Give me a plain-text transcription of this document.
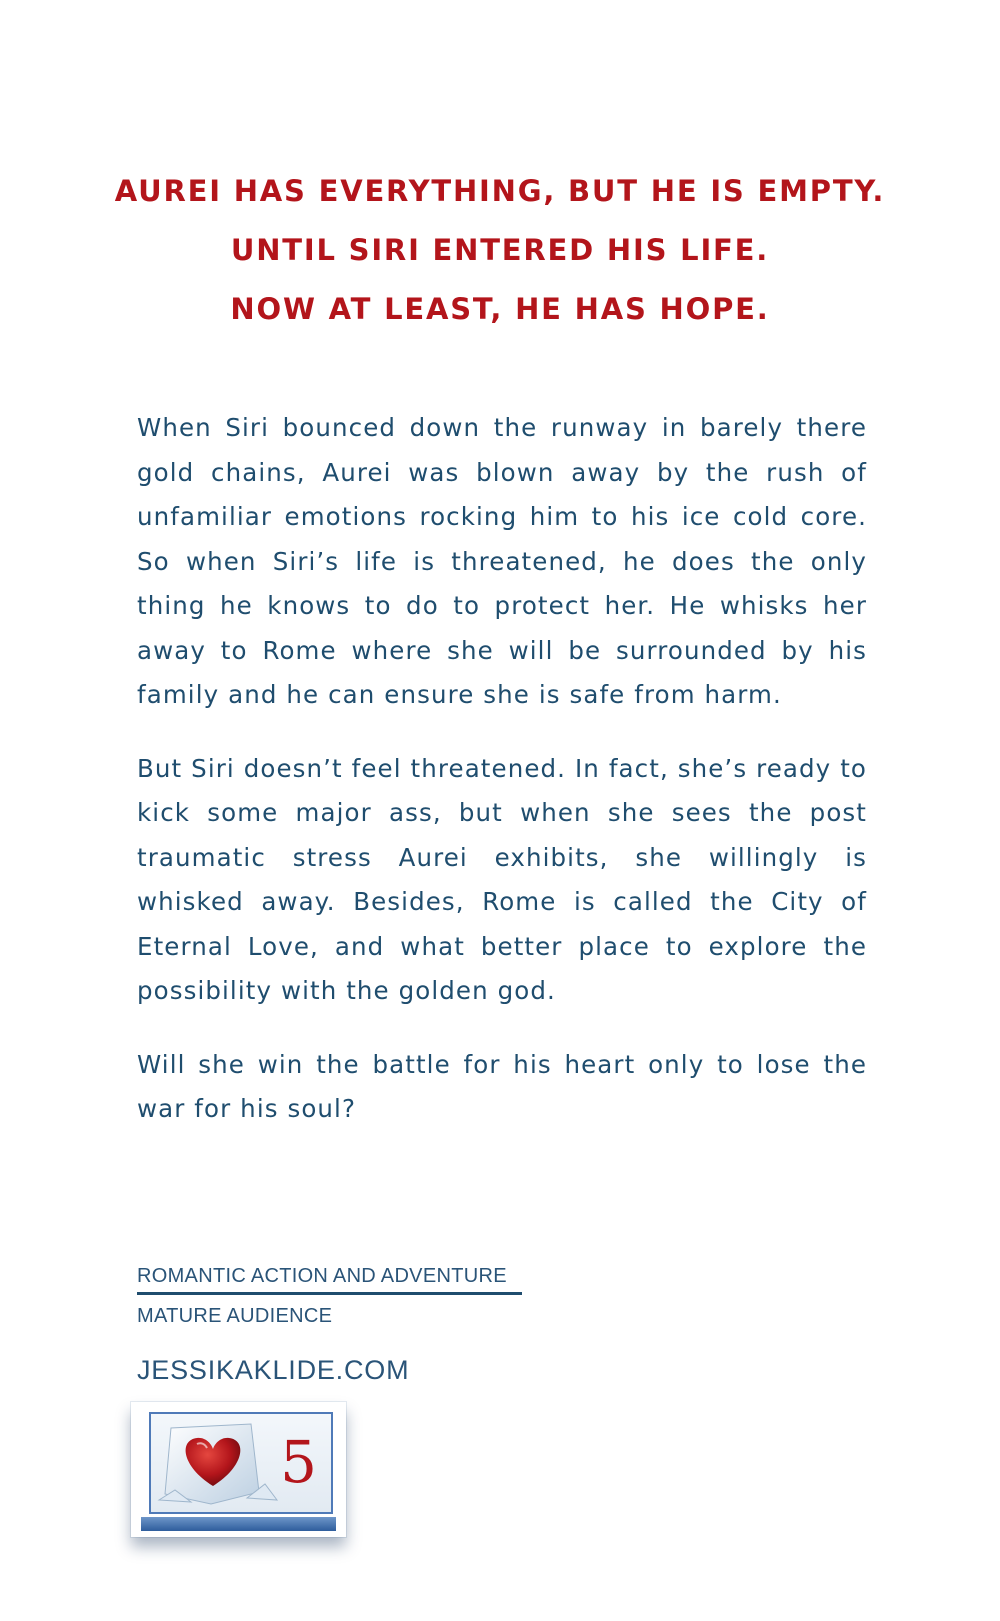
AUREI HAS EVERYTHING, BUT HE IS EMPTY.
UNTIL SIRI ENTERED HIS LIFE.
NOW AT LEAST, HE HAS HOPE.

When Siri bounced down the runway in barely there gold chains, Aurei was blown away by the rush of unfamiliar emotions rocking him to his ice cold core. So when Siri’s life is threatened, he does the only thing he knows to do to protect her. He whisks her away to Rome where she will be surrounded by his family and he can ensure she is safe from harm.

But Siri doesn’t feel threatened. In fact, she’s ready to kick some major ass, but when she sees the post traumatic stress Aurei exhibits, she willingly is whisked away. Besides, Rome is called the City of Eternal Love, and what better place to explore the possibility with the golden god.

Will she win the battle for his heart only to lose the war for his soul?

ROMANTIC ACTION AND ADVENTURE
MATURE AUDIENCE
JESSIKAKLIDE.COM
5
